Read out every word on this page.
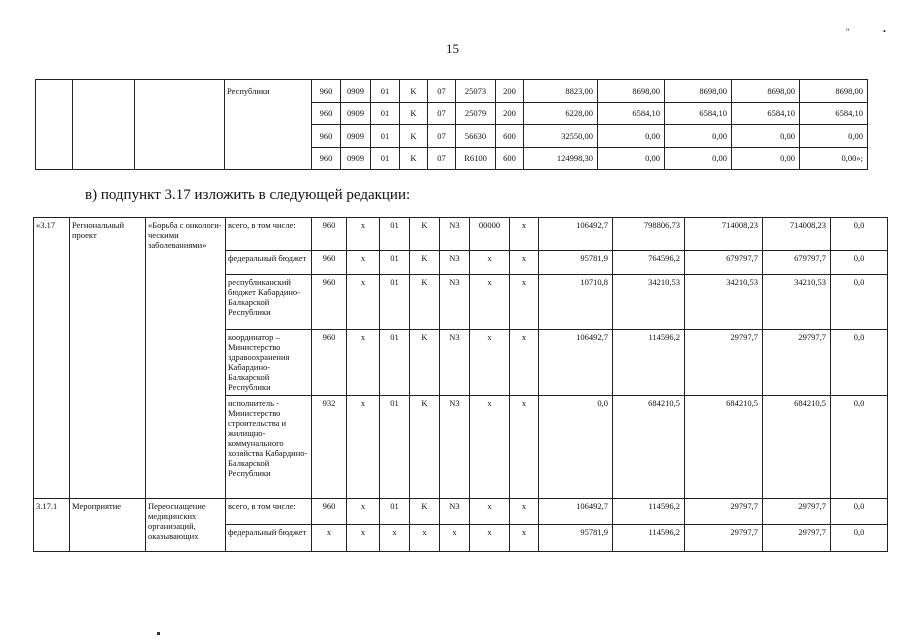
15
“	•
			Республики	960	0909	01	K	07	25073	200	8823,00	8698,00	8698,00	8698,00	8698,00
				960	0909	01	K	07	25079	200	6228,00	6584,10	6584,10	6584,10	6584,10
				960	0909	01	K	07	56630	600	32550,00	0,00	0,00	0,00	0,00
				960	0909	01	K	07	R6100	600	124998,30	0,00	0,00	0,00	0,00»;
в) подпункт 3.17 изложить в следующей редакции:
«3.17	Региональный проект	«Борьба с онкологи-ческими заболеваниями»	всего, в том числе:	960	x	01	K	N3	00000	x	106492,7	798806,73	714008,23	714008,23	0,0
			федеральный бюджет	960	x	01	K	N3	x	x	95781,9	764596,2	679797,7	679797,7	0,0
			республиканский бюджет Кабардино-Балкарской Республики	960	x	01	K	N3	x	x	10710,8	34210,53	34210,53	34210,53	0,0
			координатор – Министерство здравоохранения Кабардино-Балкарской Республики	960	x	01	K	N3	x	x	106492,7	114596,2	29797,7	29797,7	0,0
			исполнитель - Министерство строительства и жилищно-коммунального хозяйства Кабардино-Балкарской Республики	932	x	01	K	N3	x	x	0,0	684210,5	684210,5	684210,5	0,0
3.17.1	Мероприятие	Переоснащение медицинских организаций, оказывающих	всего, в том числе:	960	x	01	K	N3	x	x	106492,7	114596,2	29797,7	29797,7	0,0
			федеральный бюджет	x	x	x	x	x	x	x	95781,9	114596,2	29797,7	29797,7	0,0
